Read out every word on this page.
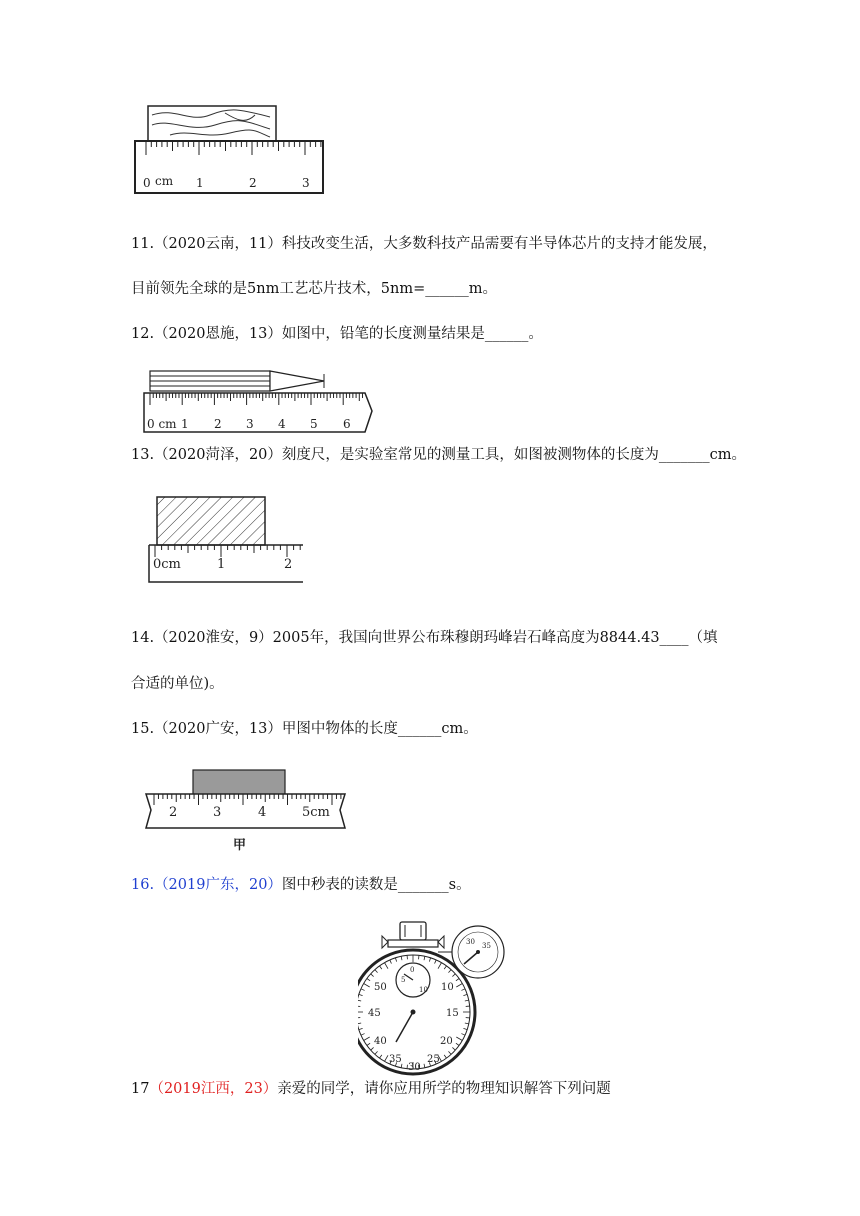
0 cm 1	2	3
11.（2020云南，11）科技改变生活，大多数科技产品需要有半导体芯片的支持才能发展，
目前领先全球的是5nm工艺芯片技术，5nm=______m。
12.（2020恩施，13）如图中，铅笔的长度测量结果是______。
0 cm 1 2 3 4 5 6
13.（2020菏泽，20）刻度尺，是实验室常见的测量工具，如图被测物体的长度为_______cm。
0cm	1	2
14.（2020淮安，9）2005年，我国向世界公布珠穆朗玛峰岩石峰高度为8844.43____（填
合适的单位)。
15.（2020广安，13）甲图中物体的长度______cm。
2	3	4	5cm
甲
16.（2019广东，20）图中秒表的读数是_______s。
30 35
50	10
45	15
40	20
35	25
30
0
5
10
17（2019江西，23）亲爱的同学，请你应用所学的物理知识解答下列问题
